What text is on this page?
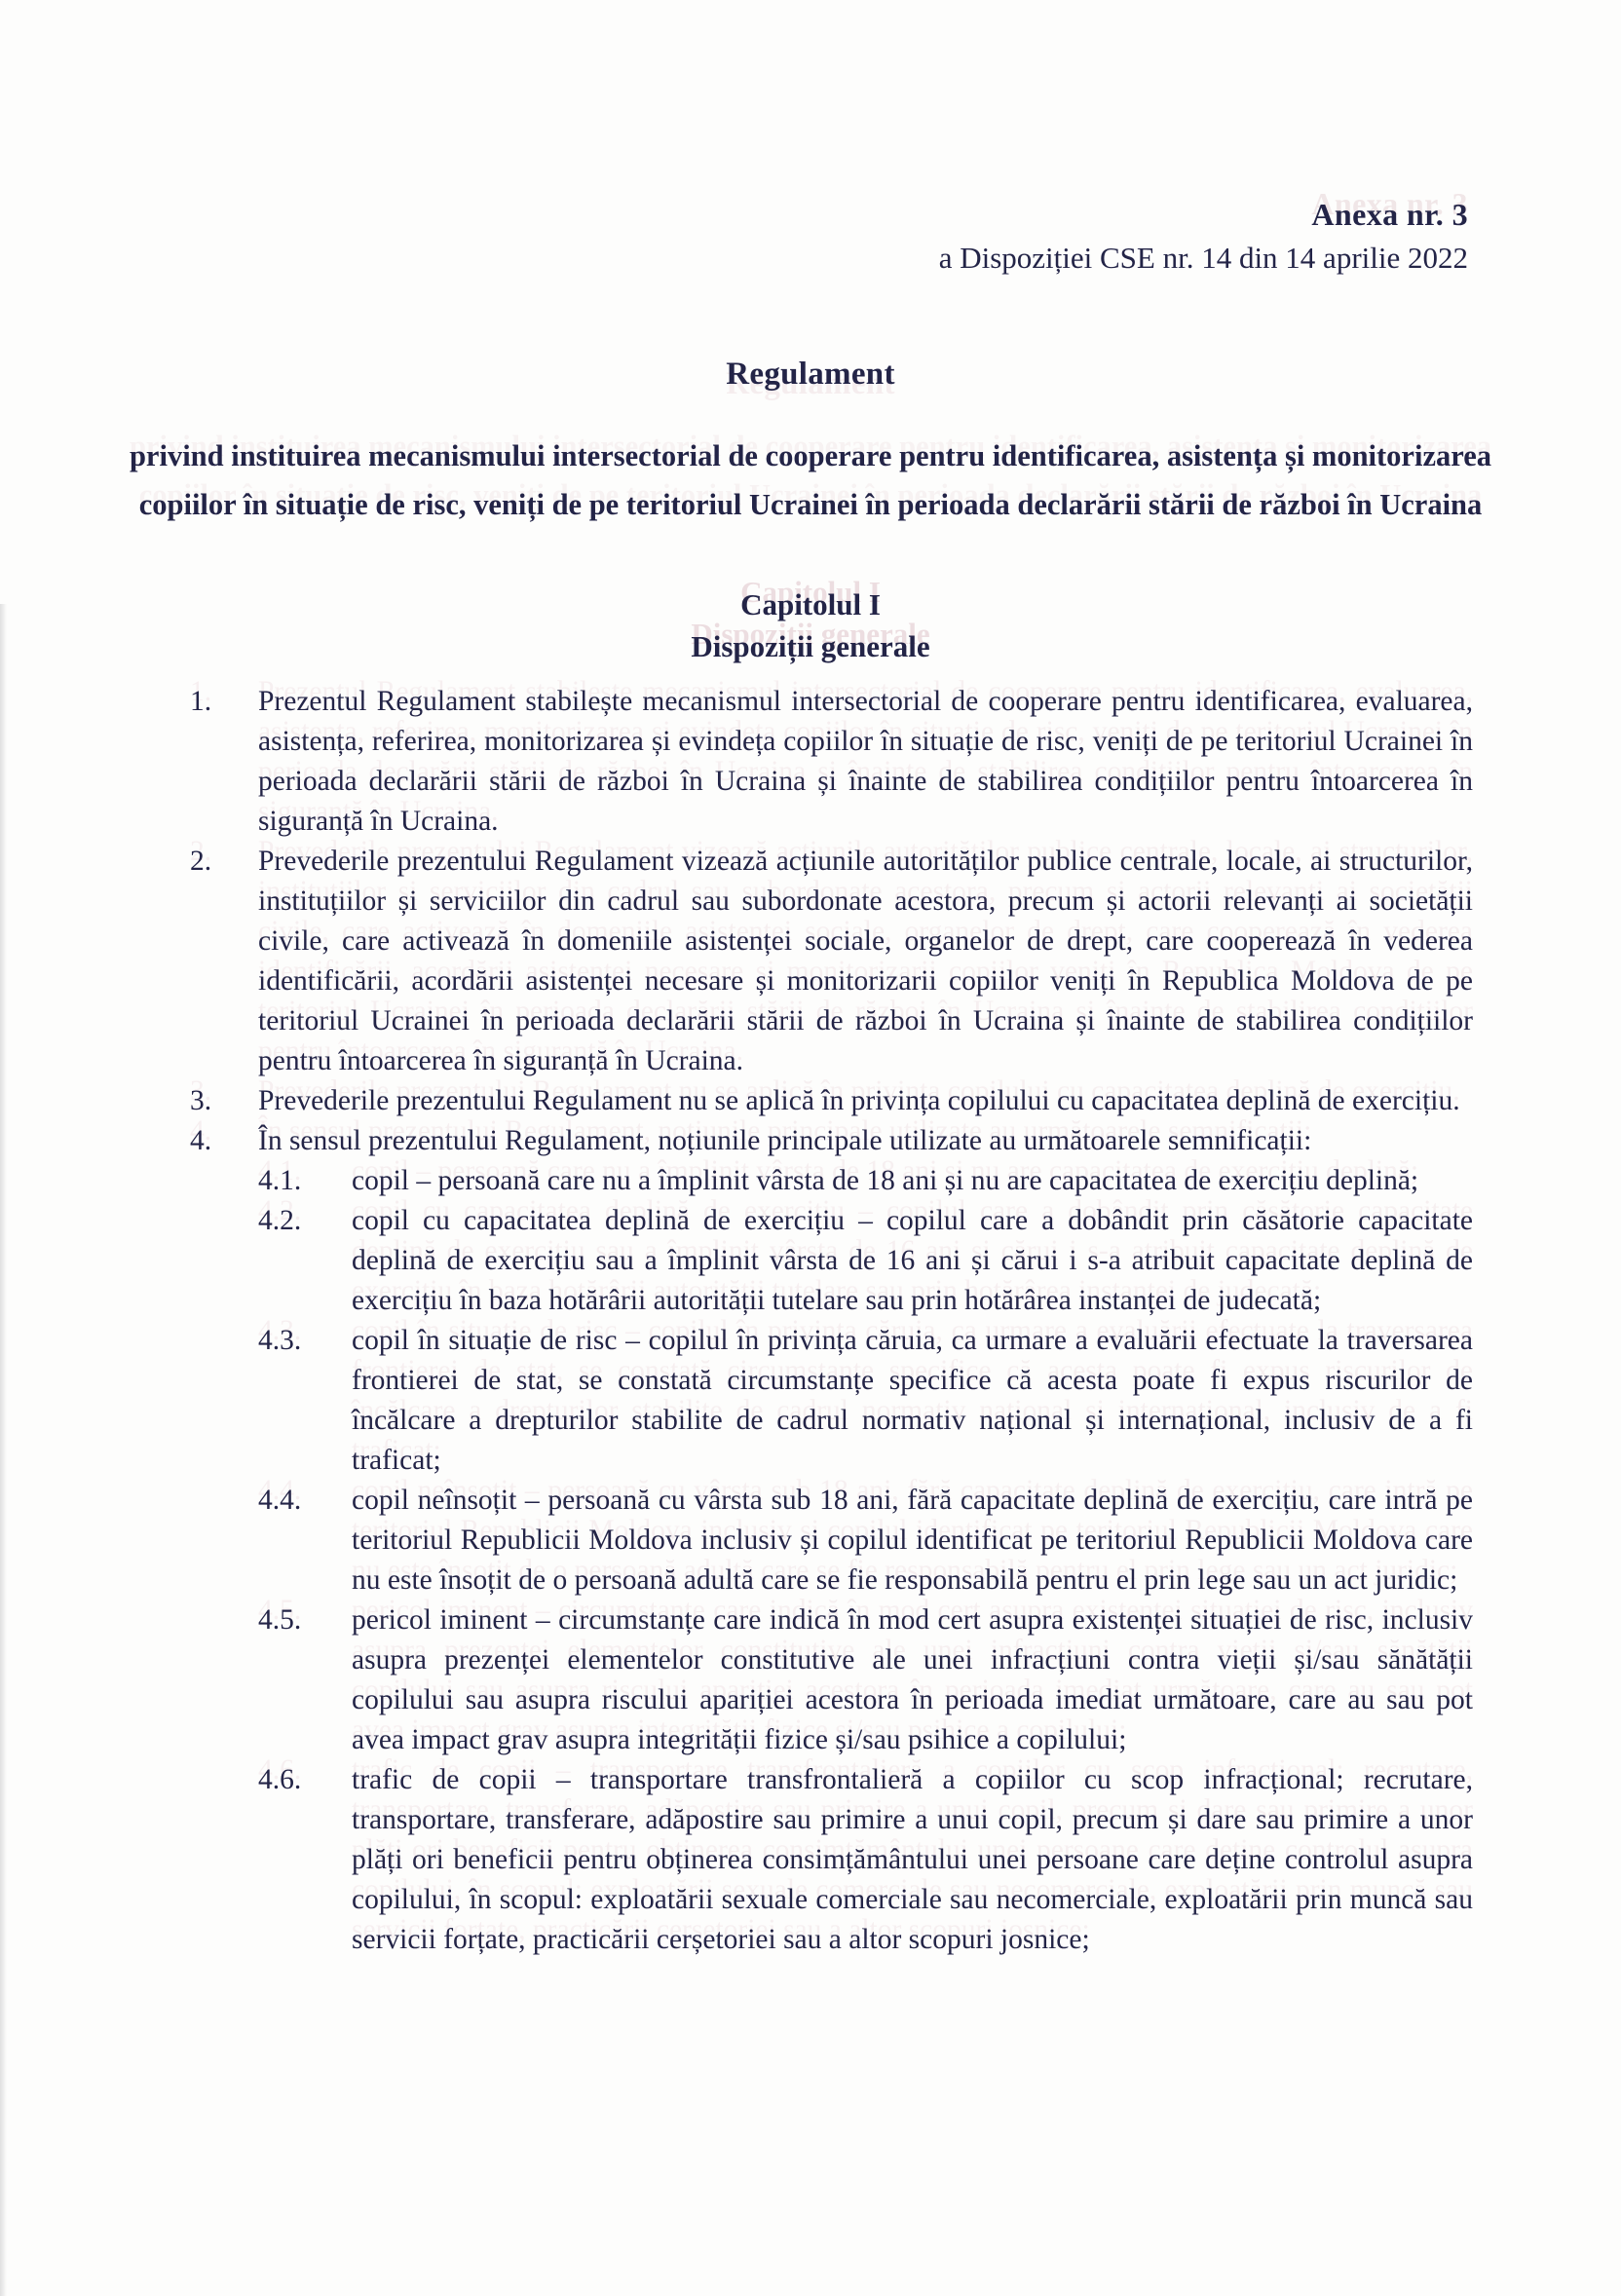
Anexa nr. 3
a Dispoziției CSE nr. 14 din 14 aprilie 2022
Regulament
privind instituirea mecanismului intersectorial de cooperare pentru identificarea, asistența și monitorizarea copiilor în situație de risc, veniți de pe teritoriul Ucrainei în perioada declarării stării de război în Ucraina
Capitolul I
Dispoziții generale
1.	Prezentul Regulament stabilește mecanismul intersectorial de cooperare pentru identificarea, evaluarea, asistența, referirea, monitorizarea și evindeța copiilor în situație de risc, veniți de pe teritoriul Ucrainei în perioada declarării stării de război în Ucraina și înainte de stabilirea condițiilor pentru întoarcerea în siguranță în Ucraina.
2.	Prevederile prezentului Regulament vizează acțiunile autorităților publice centrale, locale, ai structurilor, instituțiilor și serviciilor din cadrul sau subordonate acestora, precum și actorii relevanți ai societății civile, care activează în domeniile asistenței sociale, organelor de drept, care cooperează în vederea identificării, acordării asistenței necesare și monitorizarii copiilor veniți în Republica Moldova de pe teritoriul Ucrainei în perioada declarării stării de război în Ucraina și înainte de stabilirea condițiilor pentru întoarcerea în siguranță în Ucraina.
3.	Prevederile prezentului Regulament nu se aplică în privința copilului cu capacitatea deplină de exercițiu.
4.	În sensul prezentului Regulament, noțiunile principale utilizate au următoarele semnificații:
4.1.	copil – persoană care nu a împlinit vârsta de 18 ani și nu are capacitatea de exercițiu deplină;
4.2.	copil cu capacitatea deplină de exercițiu – copilul care a dobândit prin căsătorie capacitate deplină de exercițiu sau a împlinit vârsta de 16 ani și cărui i s-a atribuit capacitate deplină de exercițiu în baza hotărârii autorității tutelare sau prin hotărârea instanței de judecată;
4.3.	copil în situație de risc – copilul în privința căruia, ca urmare a evaluării efectuate la traversarea frontierei de stat, se constată circumstanțe specifice că acesta poate fi expus riscurilor de încălcare a drepturilor stabilite de cadrul normativ național și internațional, inclusiv de a fi traficat;
4.4.	copil neînsoțit – persoană cu vârsta sub 18 ani, fără capacitate deplină de exercițiu, care intră pe teritoriul Republicii Moldova inclusiv și copilul identificat pe teritoriul Republicii Moldova care nu este însoțit de o persoană adultă care se fie responsabilă pentru el prin lege sau un act juridic;
4.5.	pericol iminent – circumstanțe care indică în mod cert asupra existenței situației de risc, inclusiv asupra prezenței elementelor constitutive ale unei infracțiuni contra vieții și/sau sănătății copilului sau asupra riscului apariției acestora în perioada imediat următoare, care au sau pot avea impact grav asupra integrității fizice și/sau psihice a copilului;
4.6.	trafic de copii – transportare transfrontalieră a copiilor cu scop infracțional; recrutare, transportare, transferare, adăpostire sau primire a unui copil, precum și dare sau primire a unor plăți ori beneficii pentru obținerea consimțământului unei persoane care deține controlul asupra copilului, în scopul: exploatării sexuale comerciale sau necomerciale, exploatării prin muncă sau servicii forțate, practicării cerșetoriei sau a altor scopuri josnice;
